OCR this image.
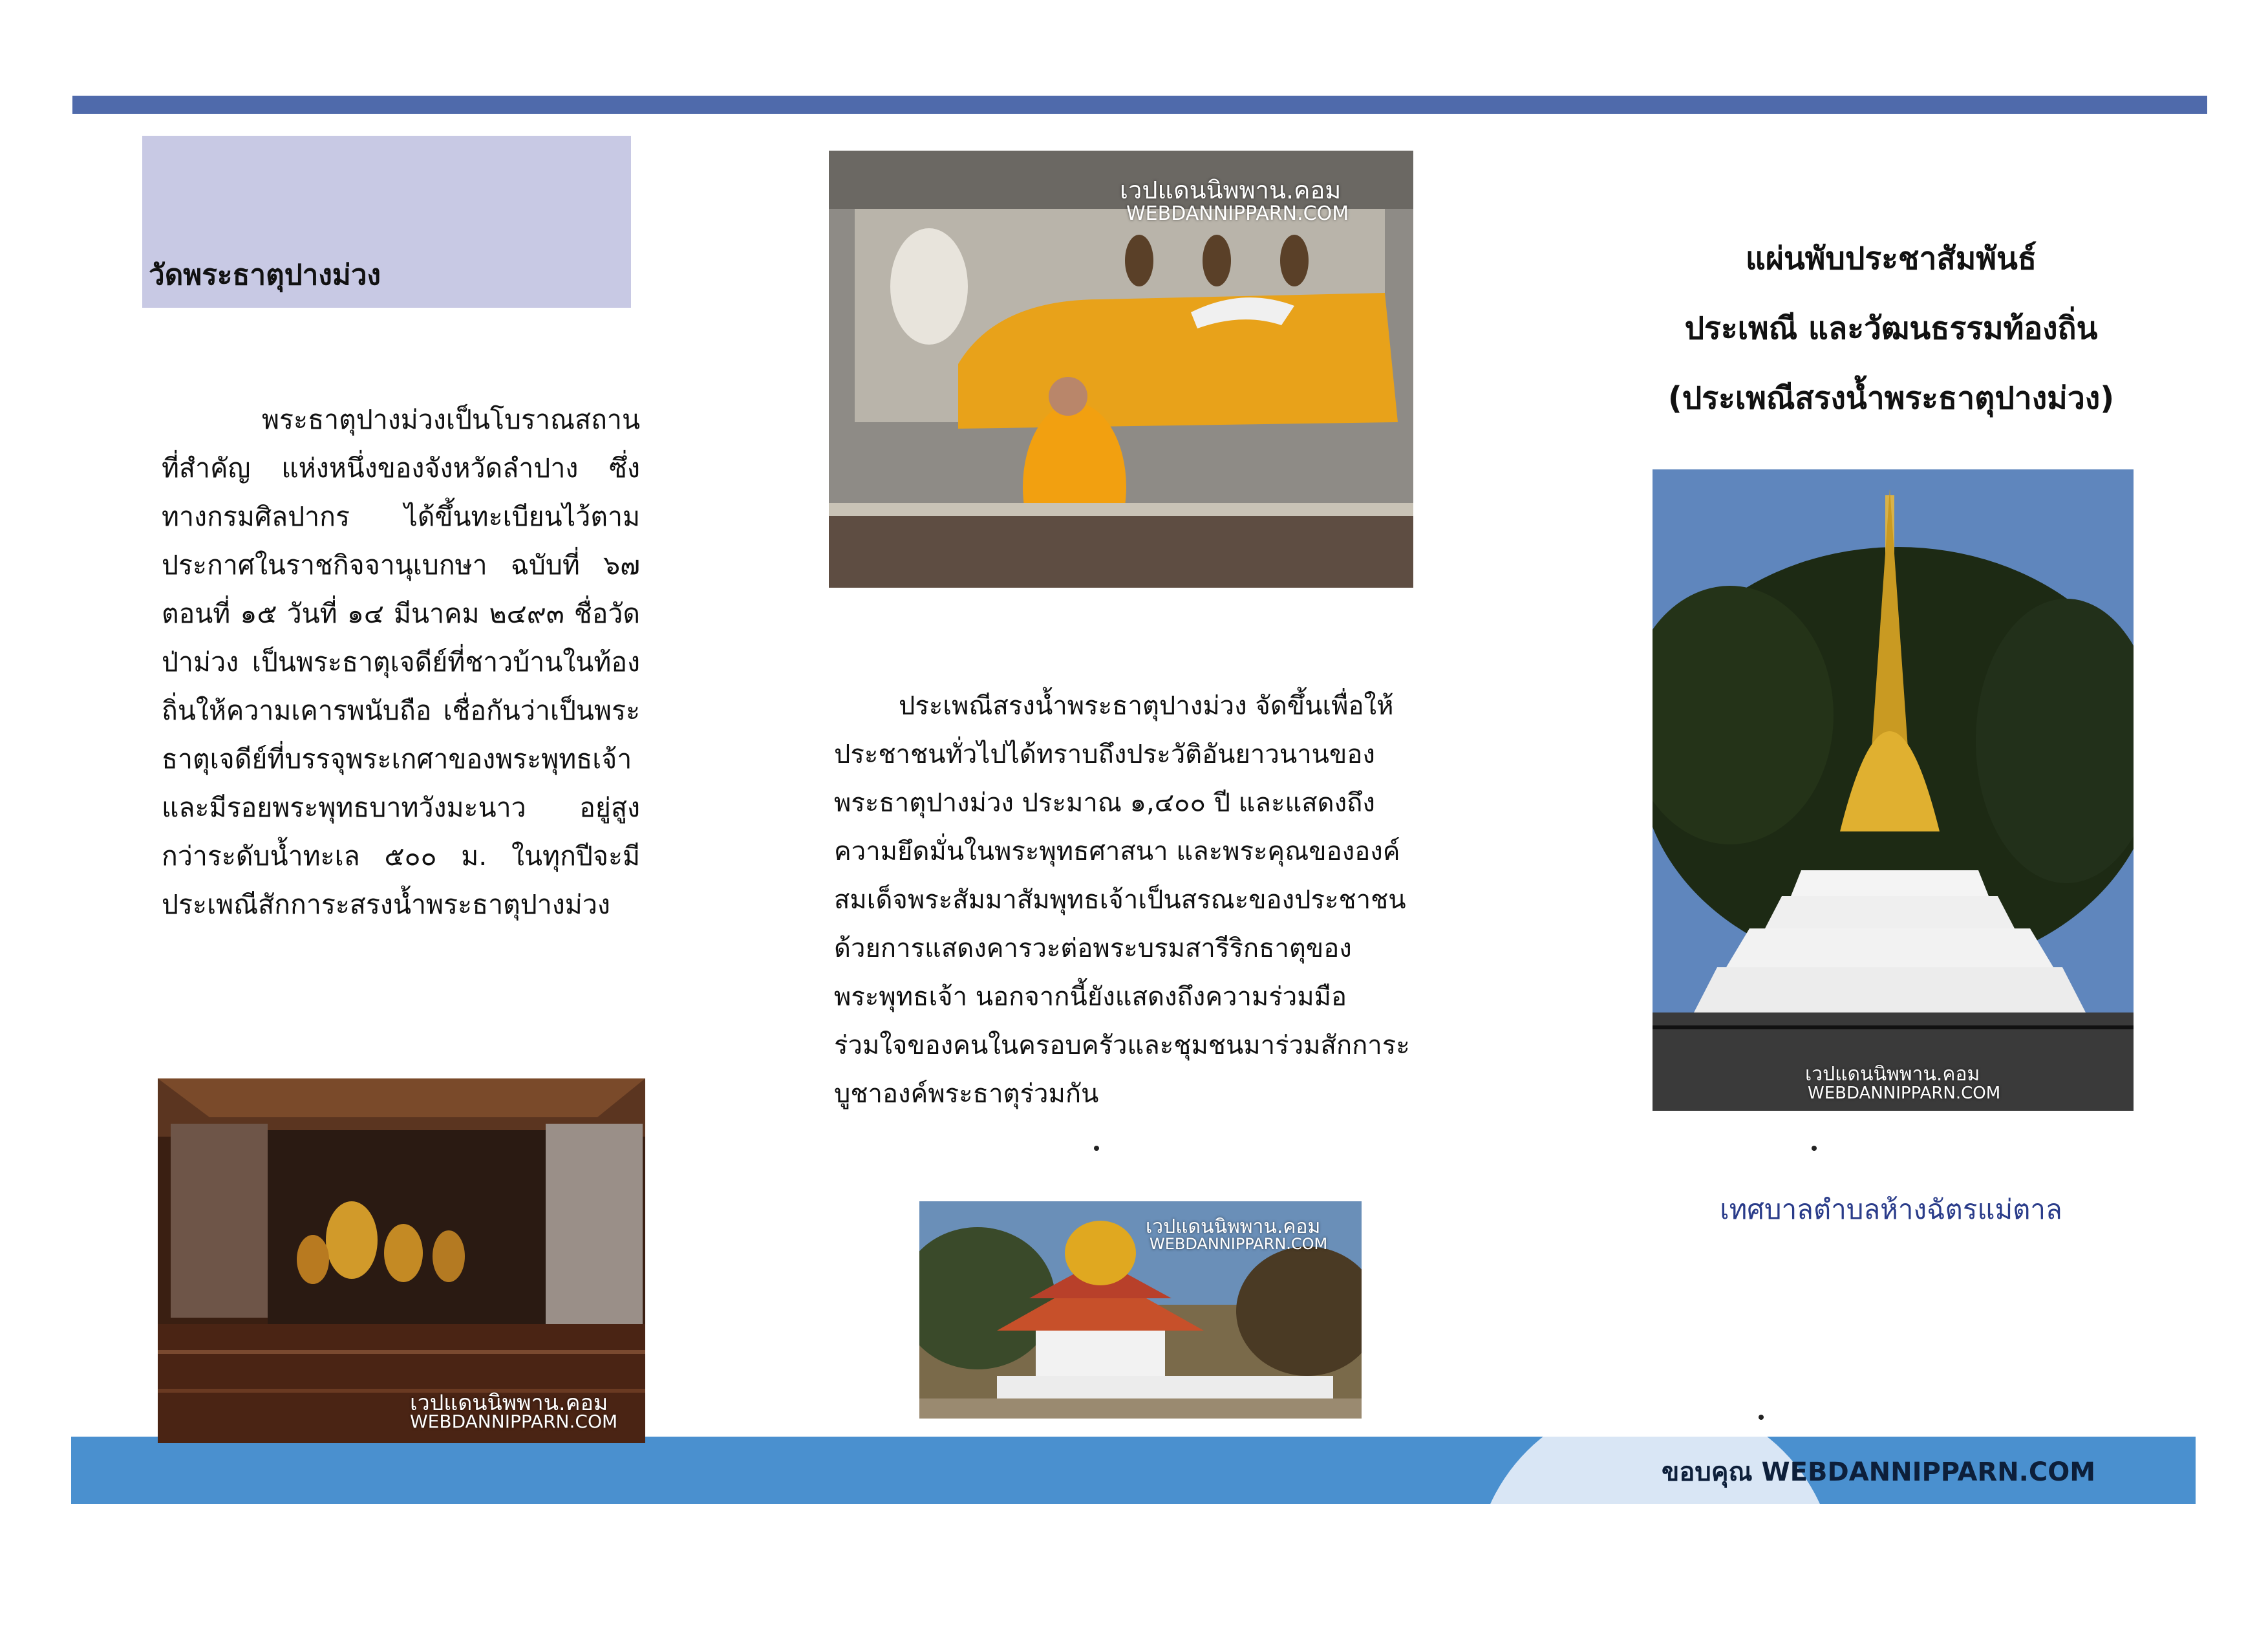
ขอบคุณ WEBDANNIPPARN.COM
วัดพระธาตุปางม่วง
พระธาตุปางม่วงเป็นโบราณสถานที่สำคัญ แห่งหนึ่งของจังหวัดลำปาง ซึ่งทางกรมศิลปากร ได้ขึ้นทะเบียนไว้ตามประกาศในราชกิจจานุเบกษา ฉบับที่ ๖๗ ตอนที่ ๑๕ วันที่ ๑๔ มีนาคม ๒๔๙๓ ชื่อวัดป่าม่วง เป็นพระธาตุเจดีย์ที่ชาวบ้านในท้องถิ่นให้ความเคารพนับถือ เชื่อกันว่าเป็นพระธาตุเจดีย์ที่บรรจุพระเกศาของพระพุทธเจ้าและมีรอยพระพุทธบาทวังมะนาว อยู่สูงกว่าระดับน้ำทะเล ๕๐๐ ม. ในทุกปีจะมีประเพณีสักการะสรงน้ำพระธาตุปางม่วง
เวปแดนนิพพาน.คอม
WEBDANNIPPARN.COM
เวปแดนนิพพาน.คอม
WEBDANNIPPARN.COM
ประเพณีสรงน้ำพระธาตุปางม่วง จัดขึ้นเพื่อให้ประชาชนทั่วไปได้ทราบถึงประวัติอันยาวนานของพระธาตุปางม่วง ประมาณ ๑,๔๐๐ ปี และแสดงถึงความยึดมั่นในพระพุทธศาสนา และพระคุณขององค์สมเด็จพระสัมมาสัมพุทธเจ้าเป็นสรณะของประชาชน ด้วยการแสดงคารวะต่อพระบรมสารีริกธาตุของพระพุทธเจ้า นอกจากนี้ยังแสดงถึงความร่วมมือร่วมใจของคนในครอบครัวและชุมชนมาร่วมสักการะ บูชาองค์พระธาตุร่วมกัน
เวปแดนนิพพาน.คอม
WEBDANNIPPARN.COM
แผ่นพับประชาสัมพันธ์
ประเพณี และวัฒนธรรมท้องถิ่น
(ประเพณีสรงน้ำพระธาตุปางม่วง)
เวปแดนนิพพาน.คอม
WEBDANNIPPARN.COM
เทศบาลตำบลห้างฉัตรแม่ตาล
